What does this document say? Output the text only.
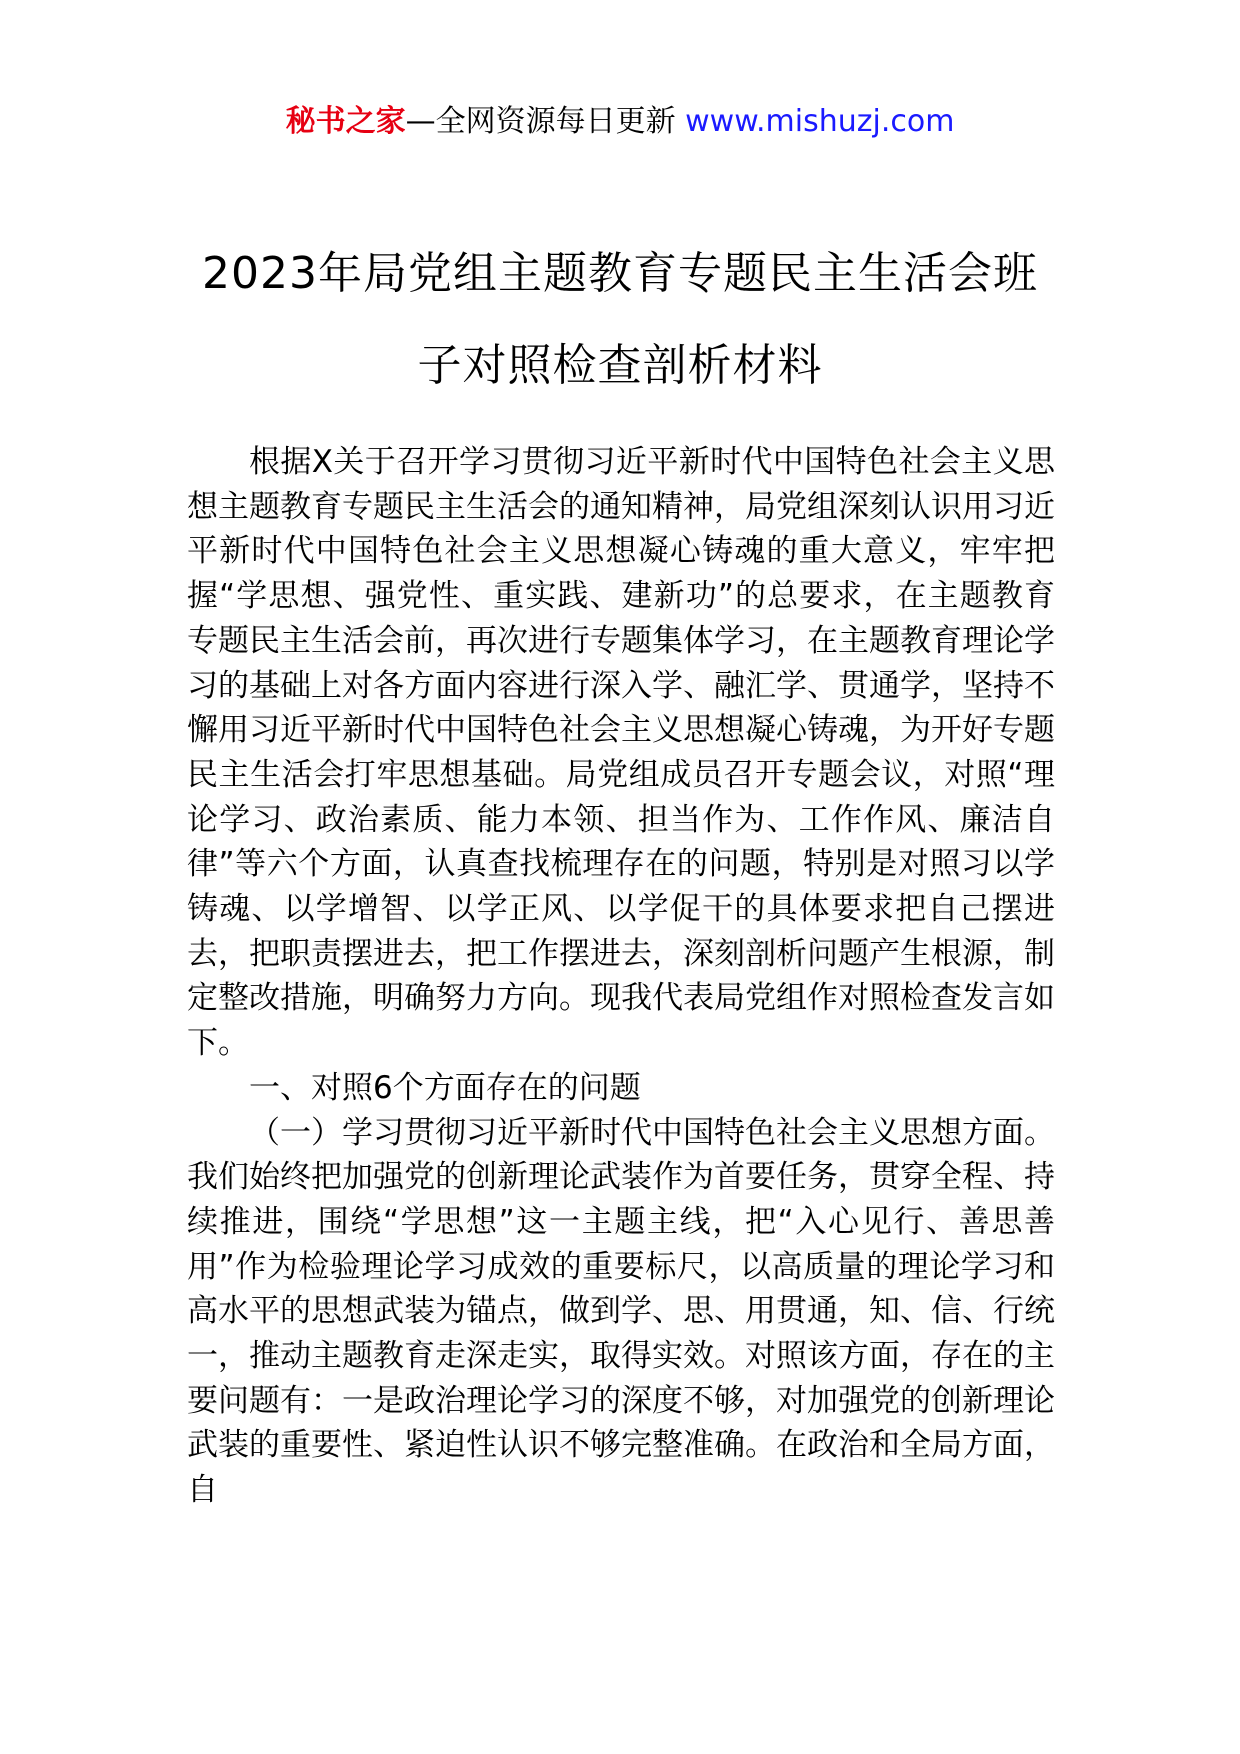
秘书之家—全网资源每日更新 www.mishuzj.com
2023年局党组主题教育专题民主生活会班
子对照检查剖析材料

根据X关于召开学习贯彻习近平新时代中国特色社会主义思想主题教育专题民主生活会的通知精神，局党组深刻认识用习近平新时代中国特色社会主义思想凝心铸魂的重大意义，牢牢把握“学思想、强党性、重实践、建新功”的总要求，在主题教育专题民主生活会前，再次进行专题集体学习，在主题教育理论学习的基础上对各方面内容进行深入学、融汇学、贯通学，坚持不懈用习近平新时代中国特色社会主义思想凝心铸魂，为开好专题民主生活会打牢思想基础。局党组成员召开专题会议，对照“理论学习、政治素质、能力本领、担当作为、工作作风、廉洁自律”等六个方面，认真查找梳理存在的问题，特别是对照习以学铸魂、以学增智、以学正风、以学促干的具体要求把自己摆进去，把职责摆进去，把工作摆进去，深刻剖析问题产生根源，制定整改措施，明确努力方向。现我代表局党组作对照检查发言如下。

一、对照6个方面存在的问题

（一）学习贯彻习近平新时代中国特色社会主义思想方面。我们始终把加强党的创新理论武装作为首要任务，贯穿全程、持续推进，围绕“学思想”这一主题主线，把“入心见行、善思善用”作为检验理论学习成效的重要标尺，以高质量的理论学习和高水平的思想武装为锚点，做到学、思、用贯通，知、信、行统一，推动主题教育走深走实，取得实效。对照该方面，存在的主要问题有：一是政治理论学习的深度不够，对加强党的创新理论武装的重要性、紧迫性认识不够完整准确。在政治和全局方面，自
